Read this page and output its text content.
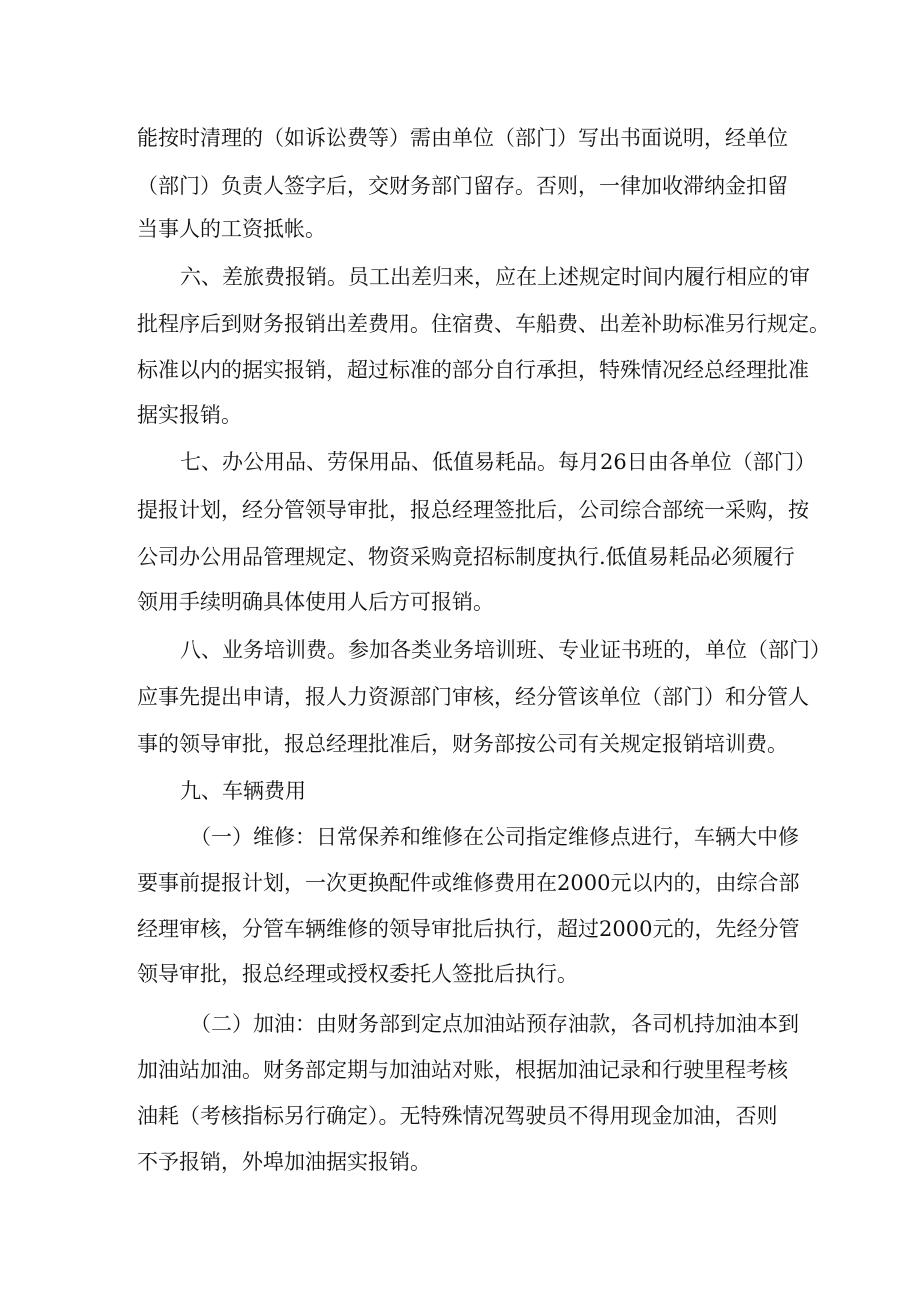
能按时清理的（如诉讼费等）需由单位（部门）写出书面说明，经单位
（部门）负责人签字后，交财务部门留存。否则，一律加收滞纳金扣留
当事人的工资抵帐。
六、差旅费报销。员工出差归来，应在上述规定时间内履行相应的审
批程序后到财务报销出差费用。住宿费、车船费、出差补助标准另行规定。
标准以内的据实报销，超过标准的部分自行承担，特殊情况经总经理批准
据实报销。
七、办公用品、劳保用品、低值易耗品。每月26日由各单位（部门）
提报计划，经分管领导审批，报总经理签批后，公司综合部统一采购，按
公司办公用品管理规定、物资采购竟招标制度执行.低值易耗品必须履行
领用手续明确具体使用人后方可报销。
八、业务培训费。参加各类业务培训班、专业证书班的，单位（部门）
应事先提出申请，报人力资源部门审核，经分管该单位（部门）和分管人
事的领导审批，报总经理批准后，财务部按公司有关规定报销培训费。
九、车辆费用
（一）维修：日常保养和维修在公司指定维修点进行，车辆大中修
要事前提报计划，一次更换配件或维修费用在2000元以内的，由综合部
经理审核，分管车辆维修的领导审批后执行，超过2000元的，先经分管
领导审批，报总经理或授权委托人签批后执行。
（二）加油：由财务部到定点加油站预存油款，各司机持加油本到
加油站加油。财务部定期与加油站对账，根据加油记录和行驶里程考核
油耗（考核指标另行确定）。无特殊情况驾驶员不得用现金加油，否则
不予报销，外埠加油据实报销。
